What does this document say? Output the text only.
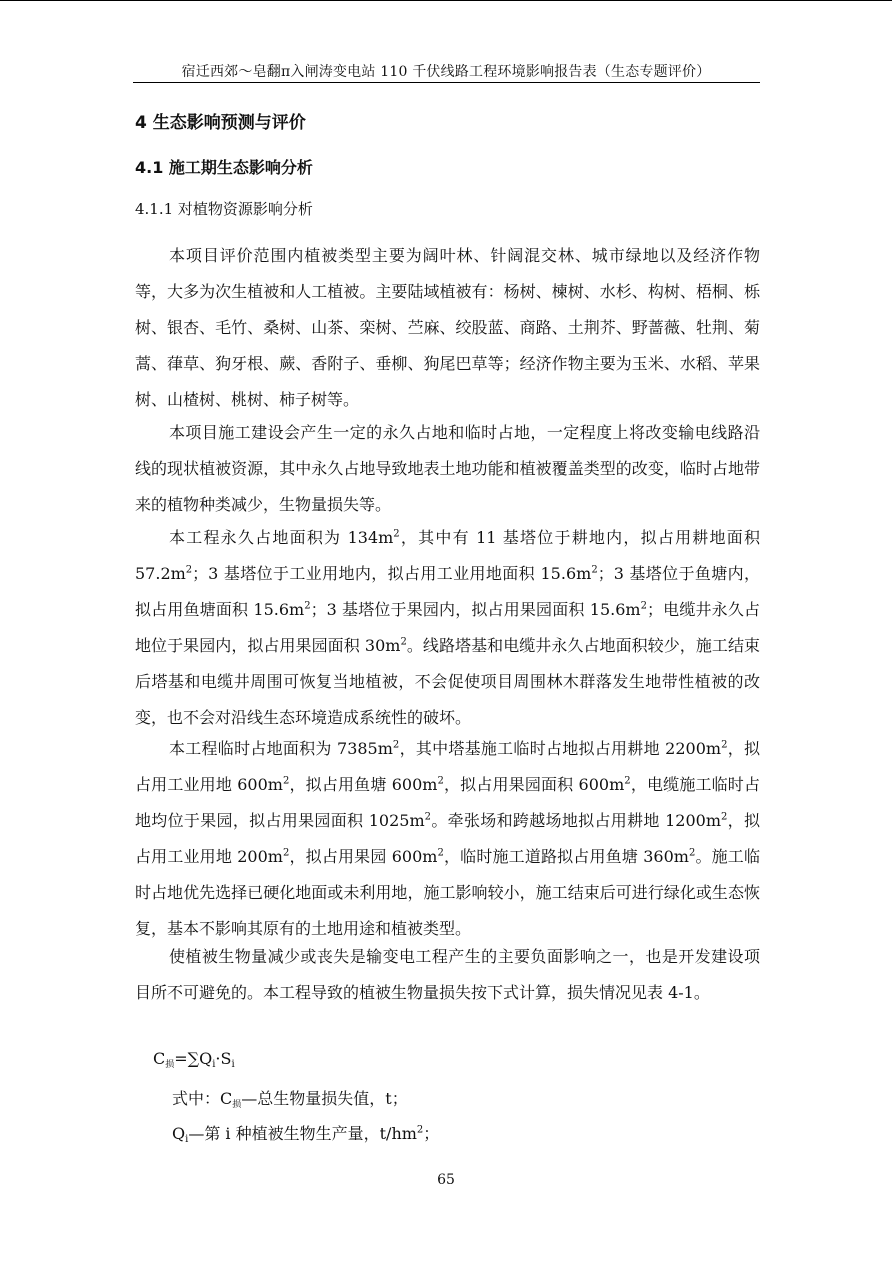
宿迁西郊～皂翻π入闸涛变电站 110 千伏线路工程环境影响报告表（生态专题评价）
4 生态影响预测与评价
4.1 施工期生态影响分析
4.1.1 对植物资源影响分析

本项目评价范围内植被类型主要为阔叶林、针阔混交林、城市绿地以及经济作物等，大多为次生植被和人工植被。主要陆域植被有：杨树、楝树、水杉、构树、梧桐、栎树、银杏、毛竹、桑树、山茶、栾树、苎麻、绞股蓝、商路、土荆芥、野蔷薇、牡荆、菊蒿、葎草、狗牙根、蕨、香附子、垂柳、狗尾巴草等；经济作物主要为玉米、水稻、苹果树、山楂树、桃树、柿子树等。

本项目施工建设会产生一定的永久占地和临时占地，一定程度上将改变输电线路沿线的现状植被资源，其中永久占地导致地表土地功能和植被覆盖类型的改变，临时占地带来的植物种类减少，生物量损失等。

本工程永久占地面积为 $134m^2$，其中有 11 基塔位于耕地内，拟占用耕地面积 $57.2m^2$；3 基塔位于工业用地内，拟占用工业用地面积 $15.6m^2$；3 基塔位于鱼塘内，拟占用鱼塘面积 $15.6m^2$；3 基塔位于果园内，拟占用果园面积 $15.6m^2$；电缆井永久占地位于果园内，拟占用果园面积 $30m^2$。线路塔基和电缆井永久占地面积较少，施工结束后塔基和电缆井周围可恢复当地植被，不会促使项目周围林木群落发生地带性植被的改变，也不会对沿线生态环境造成系统性的破坏。

本工程临时占地面积为 $7385m^2$，其中塔基施工临时占地拟占用耕地 $2200m^2$，拟占用工业用地 $600m^2$，拟占用鱼塘 $600m^2$，拟占用果园面积 $600m^2$，电缆施工临时占地均位于果园，拟占用果园面积 $1025m^2$。牵张场和跨越场地拟占用耕地 $1200m^2$，拟占用工业用地 $200m^2$，拟占用果园 $600m^2$，临时施工道路拟占用鱼塘 $360m^2$。施工临时占地优先选择已硬化地面或未利用地，施工影响较小，施工结束后可进行绿化或生态恢复，基本不影响其原有的土地用途和植被类型。

使植被生物量减少或丧失是输变电工程产生的主要负面影响之一，也是开发建设项目所不可避免的。本工程导致的植被生物量损失按下式计算，损失情况见表 4-1。

$C_损=\sum Qi\cdot Si$
式中：$C_损—$总生物量损失值，t；
Qi—第 i 种植被生物生产量，$t/hm^2$；
65
